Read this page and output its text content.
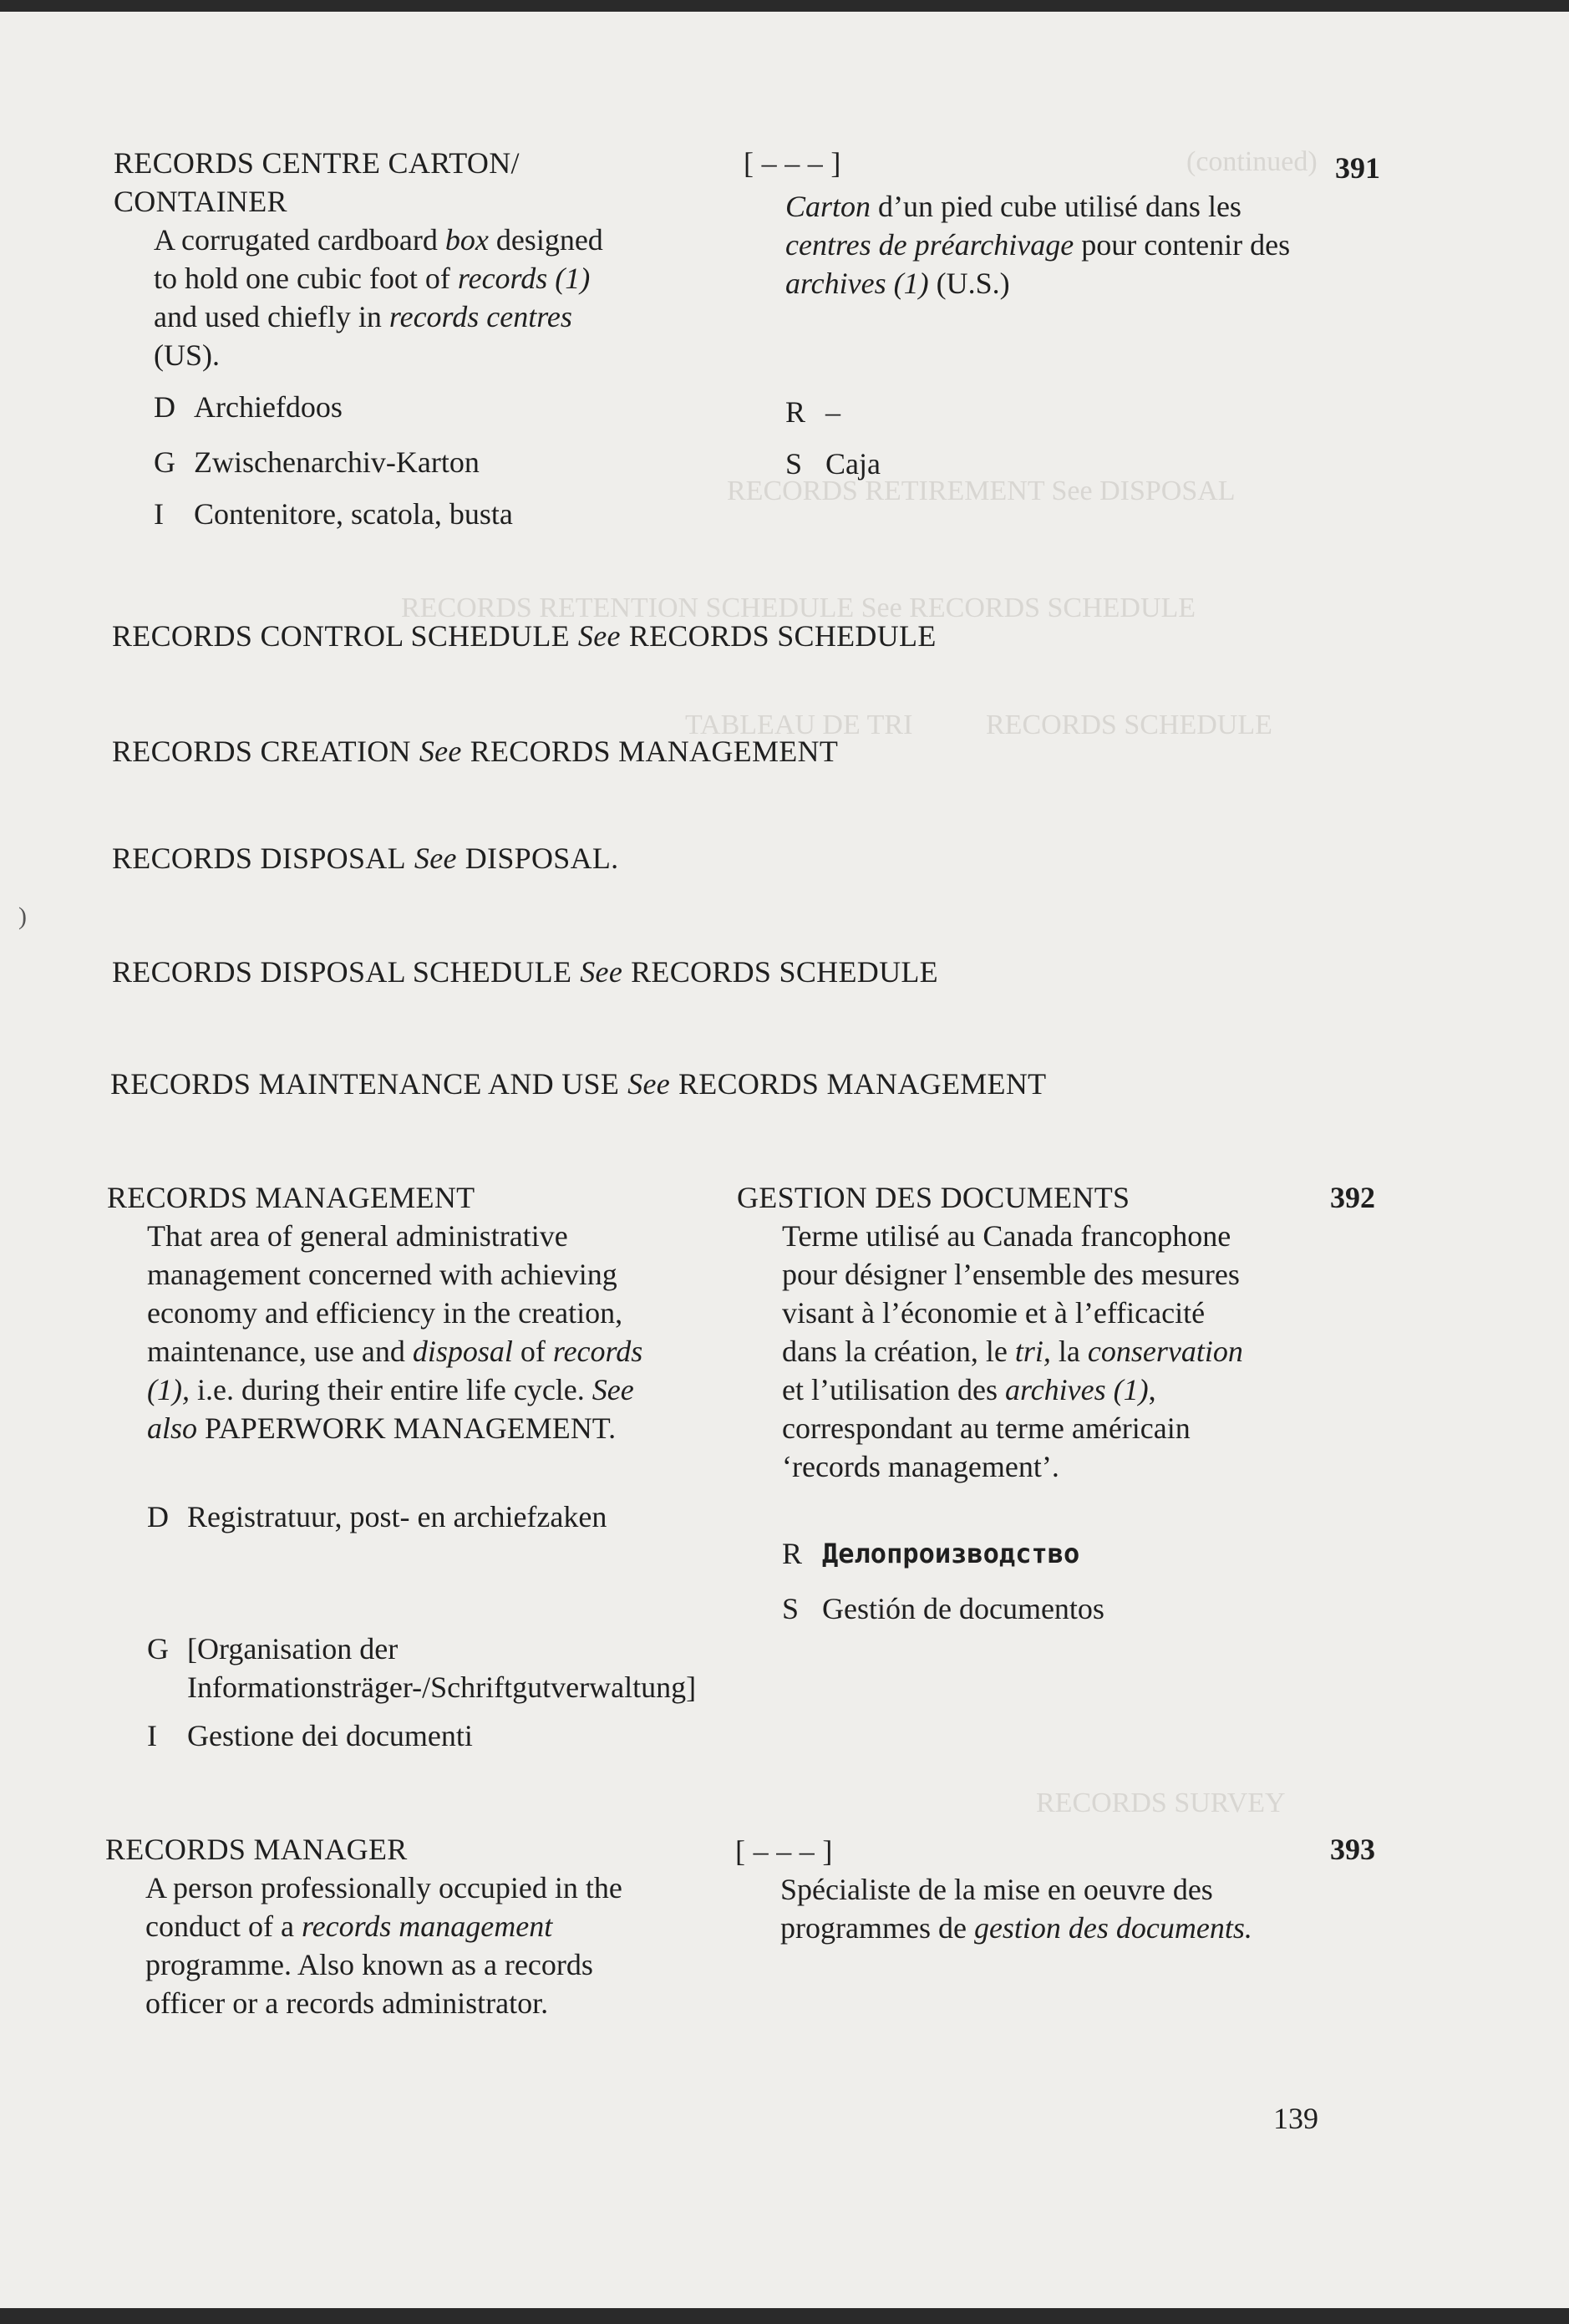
(continued)
RECORDS RETIREMENT See DISPOSAL
RECORDS RETENTION SCHEDULE See RECORDS SCHEDULE
RECORDS SCHEDULE
TABLEAU DE TRI
RECORDS SURVEY
RECORDS CENTRE CARTON/
CONTAINER
A corrugated cardboard box designed to hold one cubic foot of records (1) and used chiefly in records centres (US).
D Archiefdoos
G Zwischenarchiv-Karton
I	Contenitore, scatola, busta
[ – – – ]	391
Carton d’un pied cube utilisé dans les centres de préarchivage pour contenir des archives (1) (U.S.)
R –
S Caja
RECORDS CONTROL SCHEDULE See RECORDS SCHEDULE
RECORDS CREATION See RECORDS MANAGEMENT
RECORDS DISPOSAL See DISPOSAL.
RECORDS DISPOSAL SCHEDULE See RECORDS SCHEDULE
RECORDS MAINTENANCE AND USE See RECORDS MANAGEMENT
RECORDS MANAGEMENT
That area of general administrative management concerned with achieving economy and efficiency in the creation, maintenance, use and disposal of records (1), i.e. during their entire life cycle. See also PAPERWORK MANAGEMENT.
D Registratuur, post- en archiefzaken
G [Organisation der Informationsträger-/Schriftgutverwaltung]
I	Gestione dei documenti
GESTION DES DOCUMENTS	392
Terme utilisé au Canada francophone pour désigner l’ensemble des mesures visant à l’économie et à l’efficacité dans la création, le tri, la conservation et l’utilisation des archives (1), correspondant au terme américain ‘records management’.
R Делопроизводство
S Gestión de documentos
RECORDS MANAGER
A person professionally occupied in the conduct of a records management programme. Also known as a records officer or a records administrator.
[ – – – ]	393
Spécialiste de la mise en oeuvre des programmes de gestion des documents.
139
)
